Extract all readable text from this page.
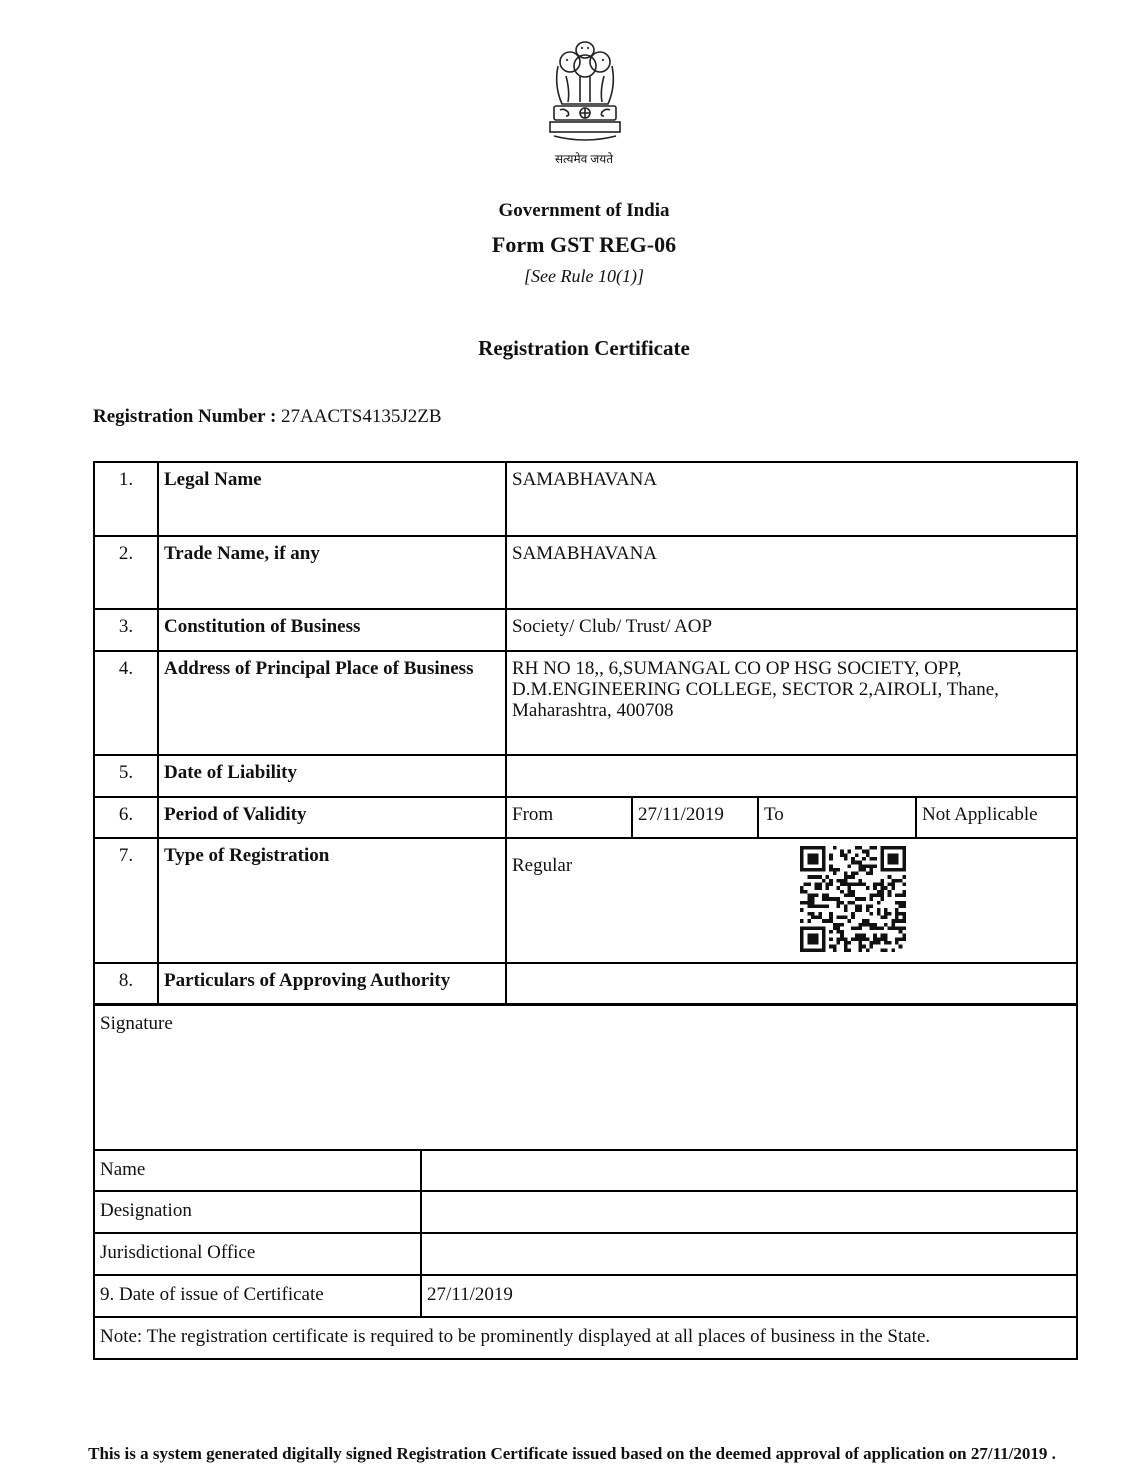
सत्यमेव जयते
Government of India
Form GST REG-06
[See Rule 10(1)]
Registration Certificate
Registration Number : 27AACTS4135J2ZB
1.	Legal Name	SAMABHAVANA			
2.	Trade Name, if any	SAMABHAVANA			
3.	Constitution of Business	Society/ Club/ Trust/ AOP			
4.	Address of Principal Place of Business	RH NO 18,, 6,SUMANGAL CO OP HSG SOCIETY, OPP, D.M.ENGINEERING COLLEGE, SECTOR 2,AIROLI, Thane, Maharashtra, 400708			
5.	Date of Liability				
6.	Period of Validity	From	27/11/2019	To	Not Applicable
7.	Type of Registration	Regular			
8.	Particulars of Approving Authority				
Signature	
Name	
Designation	
Jurisdictional Office	
9. Date of issue of Certificate	27/11/2019
Note: The registration certificate is required to be prominently displayed at all places of business in the State.	
This is a system generated digitally signed Registration Certificate issued based on the deemed approval of application on 27/11/2019 .
